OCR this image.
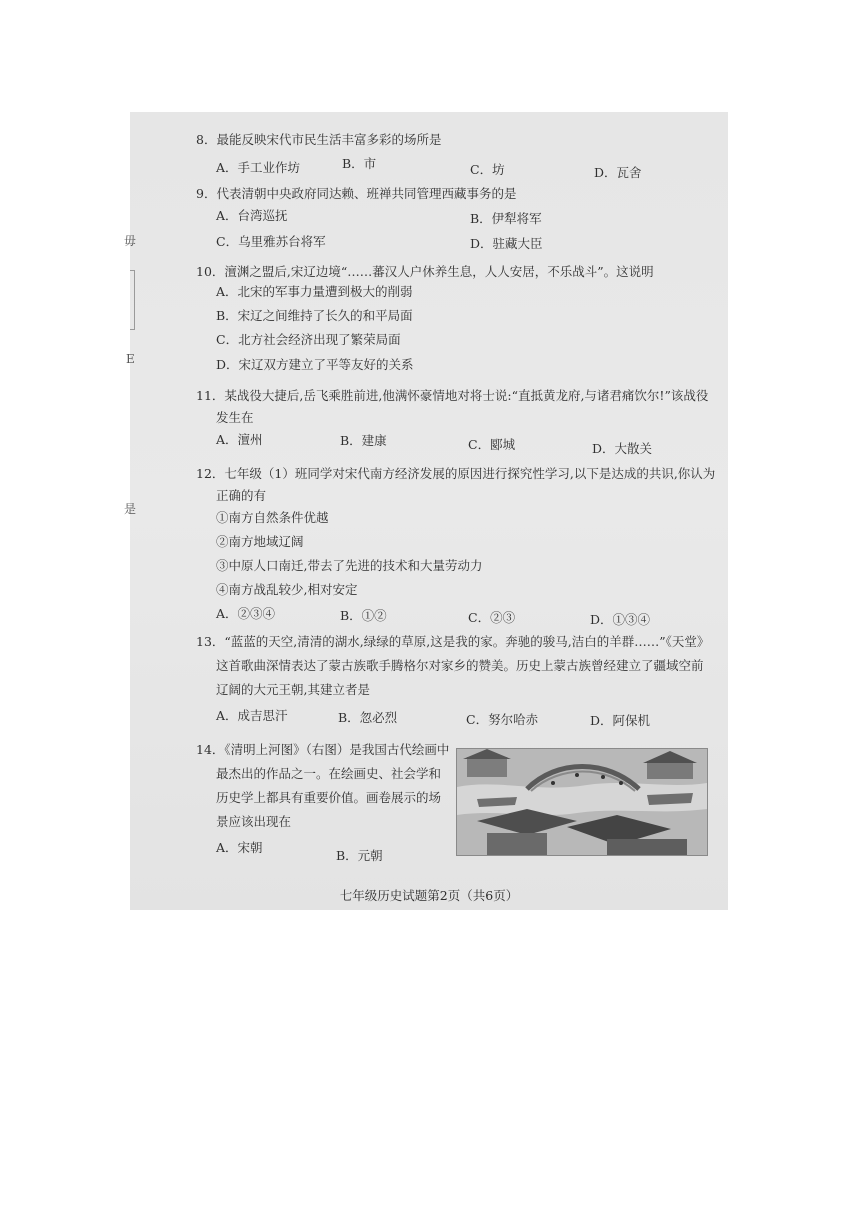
毋
E
是
8．最能反映宋代市民生活丰富多彩的场所是
A．手工业作坊	B．市	C．坊	D．瓦舍
9．代表清朝中央政府同达赖、班禅共同管理西藏事务的是
A．台湾巡抚	B．伊犁将军
C．乌里雅苏台将军	D．驻藏大臣
10．澶渊之盟后,宋辽边境“……蕃汉人户休养生息，人人安居，不乐战斗”。这说明
A．北宋的军事力量遭到极大的削弱
B．宋辽之间维持了长久的和平局面
C．北方社会经济出现了繁荣局面
D．宋辽双方建立了平等友好的关系
11．某战役大捷后,岳飞乘胜前进,他满怀豪情地对将士说:“直抵黄龙府,与诸君痛饮尔!”该战役
发生在
A．澶州	B．建康	C．郾城	D．大散关
12．七年级（1）班同学对宋代南方经济发展的原因进行探究性学习,以下是达成的共识,你认为
正确的有
①南方自然条件优越
②南方地域辽阔
③中原人口南迁,带去了先进的技术和大量劳动力
④南方战乱较少,相对安定
A．②③④	B．①②	C．②③	D．①③④
13．“蓝蓝的天空,清清的湖水,绿绿的草原,这是我的家。奔驰的骏马,洁白的羊群……”《天堂》
这首歌曲深情表达了蒙古族歌手腾格尔对家乡的赞美。历史上蒙古族曾经建立了疆域空前
辽阔的大元王朝,其建立者是
A．成吉思汗	B．忽必烈	C．努尔哈赤	D．阿保机
14．《清明上河图》（右图）是我国古代绘画中
最杰出的作品之一。在绘画史、社会学和
历史学上都具有重要价值。画卷展示的场
景应该出现在
A．宋朝
B．元朝
七年级历史试题第2页（共6页）
